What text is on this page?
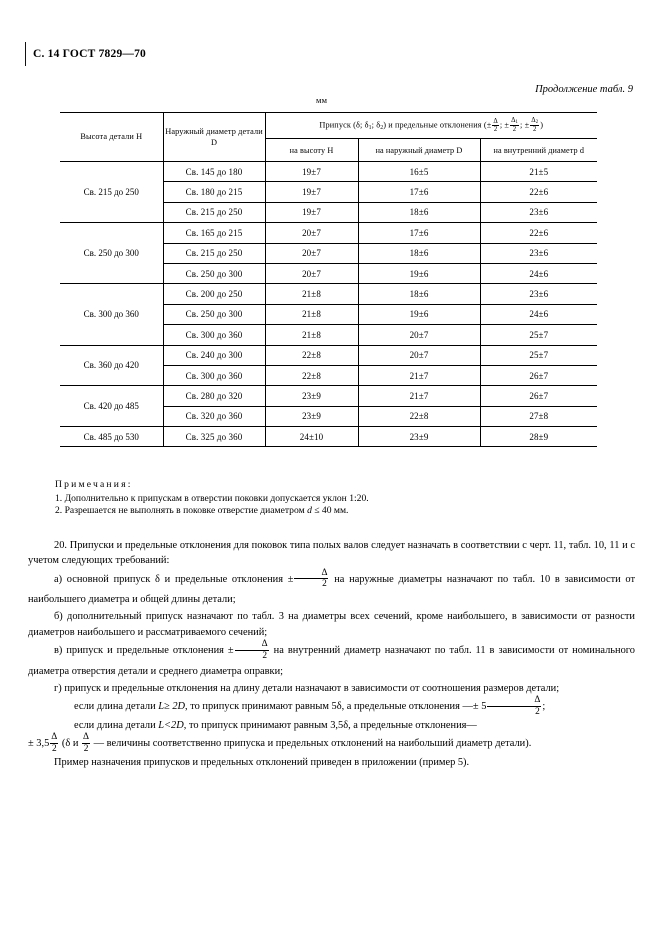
С. 14 ГОСТ 7829—70
Продолжение табл. 9
мм
Высота детали H	Наружный диаметр детали D	Припуск (δ; $\delta_1$; $\delta_2$) и предельные отклонения (± $\frac{\Delta}{2}$ ; ± $\frac{\Delta_1}{2}$ ; ± $\frac{\Delta_2}{2}$ )
		на высоту H	на наружный диаметр D	на внутренний диаметр d
Св. 215 до 250	Св. 145 до 180	19±7	16±5	21±5
	Св. 180 до 215	19±7	17±6	22±6
	Св. 215 до 250	19±7	18±6	23±6
Св. 250 до 300	Св. 165 до 215	20±7	17±6	22±6
	Св. 215 до 250	20±7	18±6	23±6
	Св. 250 до 300	20±7	19±6	24±6
Св. 300 до 360	Св. 200 до 250	21±8	18±6	23±6
	Св. 250 до 300	21±8	19±6	24±6
	Св. 300 до 360	21±8	20±7	25±7
Св. 360 до 420	Св. 240 до 300	22±8	20±7	25±7
	Св. 300 до 360	22±8	21±7	26±7
Св. 420 до 485	Св. 280 до 320	23±9	21±7	26±7
	Св. 320 до 360	23±9	22±8	27±8
Св. 485 до 530	Св. 325 до 360	24±10	23±9	28±9
Примечания:
1. Дополнительно к припускам в отверстии поковки допускается уклон 1:20.
2. Разрешается не выполнять в поковке отверстие диаметром d ≤ 40 мм.

20. Припуски и предельные отклонения для поковок типа полых валов следует назначать в соответствии с черт. 11, табл. 10, 11 и с учетом следующих требований:

а) основной припуск δ и предельные отклонения ± $\frac{\Delta}{2}$ на наружные диаметры назначают по табл. 10 в зависимости от наибольшего диаметра и общей длины детали;

б) дополнительный припуск назначают по табл. 3 на диаметры всех сечений, кроме наибольшего, в зависимости от разности диаметров наибольшего и рассматриваемого сечений;

в) припуск и предельные отклонения ± $\frac{\Delta}{2}$ на внутренний диаметр назначают по табл. 11 в зависимости от номинального диаметра отверстия детали и среднего диаметра оправки;

г) припуск и предельные отклонения на длину детали назначают в зависимости от соотношения размеров детали;

если длина детали L≥ 2D, то припуск принимают равным 5δ, а предельные отклонения —± $5 \frac{\Delta}{2}$ ;

если длина детали L<2D, то припуск принимают равным 3,5δ, а предельные отклонения—

± $3,5 \frac{\Delta}{2} (\delta$ и $\frac{\Delta}{2}$ — величины соответственно припуска и предельных отклонений на наибольший диаметр детали).

Пример назначения припусков и предельных отклонений приведен в приложении (пример 5).
